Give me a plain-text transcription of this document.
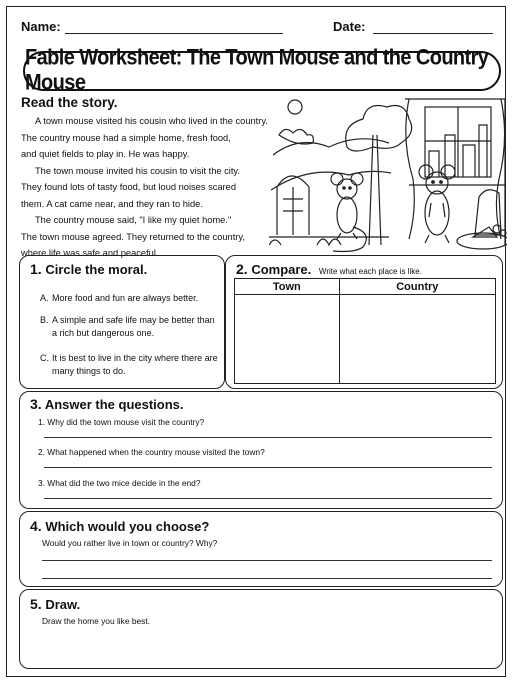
Name:	Date:
Fable Worksheet: The Town Mouse and the Country Mouse
Read the story.
A town mouse visited his cousin who lived in the country.
The country mouse had a simple home, fresh food,
and quiet fields to play in. He was happy.
The town mouse invited his cousin to visit the city.
They found lots of tasty food, but loud noises scared
them. A cat came near, and they ran to hide.
The country mouse said, "I like my quiet home."
The town mouse agreed. They returned to the country,
where life was safe and peaceful.
1. Circle the moral.
A. More food and fun are always better.
B. A simple and safe life may be better than a rich but dangerous one.
C. It is best to live in the city where there are many things to do.
2. Compare. Write what each place is like.
Town	Country

3. Answer the questions.
1. Why did the town mouse visit the country?
2. What happened when the country mouse visited the town?
3. What did the two mice decide in the end?
4. Which would you choose?
Would you rather live in town or country? Why?
5. Draw.
Draw the home you like best.
